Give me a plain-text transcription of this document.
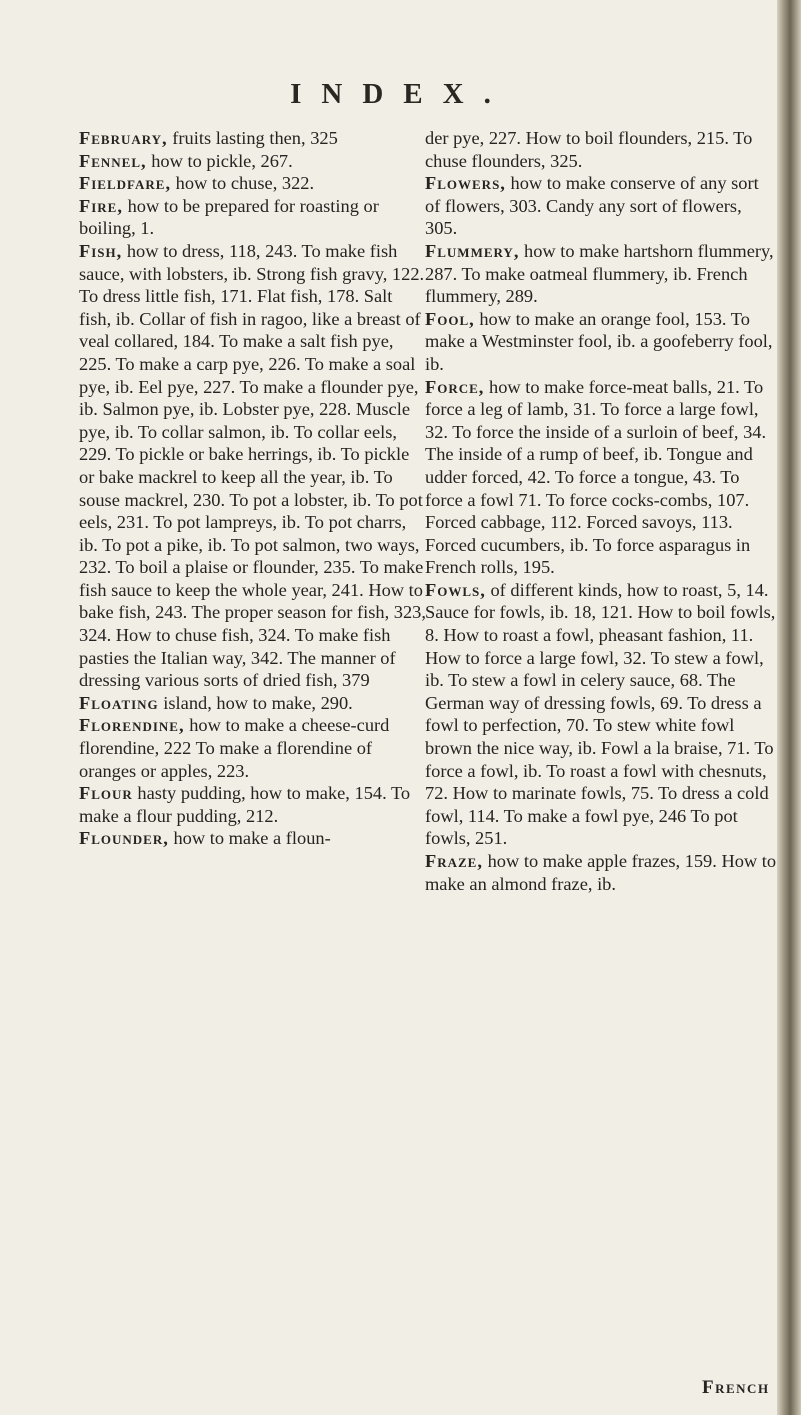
INDEX.

February, fruits lasting then, 325

Fennel, how to pickle, 267.

Fieldfare, how to chuse, 322.

Fire, how to be prepared for roasting or boiling, 1.

Fish, how to dress, 118, 243. To make fish sauce, with lobsters, ib. Strong fish gravy, 122. To dress little fish, 171. Flat fish, 178. Salt fish, ib. Collar of fish in ragoo, like a breast of veal collared, 184. To make a salt fish pye, 225. To make a carp pye, 226. To make a soal pye, ib. Eel pye, 227. To make a flounder pye, ib. Salmon pye, ib. Lobster pye, 228. Muscle pye, ib. To collar salmon, ib. To collar eels, 229. To pickle or bake herrings, ib. To pickle or bake mackrel to keep all the year, ib. To souse mackrel, 230. To pot a lobster, ib. To pot eels, 231. To pot lampreys, ib. To pot charrs, ib. To pot a pike, ib. To pot salmon, two ways, 232. To boil a plaise or flounder, 235. To make fish sauce to keep the whole year, 241. How to bake fish, 243. The proper season for fish, 323, 324. How to chuse fish, 324. To make fish pasties the Italian way, 342. The manner of dressing various sorts of dried fish, 379

Floating island, how to make, 290.

Florendine, how to make a cheese-curd florendine, 222 To make a florendine of oranges or apples, 223.

Flour hasty pudding, how to make, 154. To make a flour pudding, 212.

Flounder, how to make a floun-

der pye, 227. How to boil flounders, 215. To chuse flounders, 325.

Flowers, how to make conserve of any sort of flowers, 303. Candy any sort of flowers, 305.

Flummery, how to make hartshorn flummery, 287. To make oatmeal flummery, ib. French flummery, 289.

Fool, how to make an orange fool, 153. To make a Westminster fool, ib. a goofeberry fool, ib.

Force, how to make force-meat balls, 21. To force a leg of lamb, 31. To force a large fowl, 32. To force the inside of a surloin of beef, 34. The inside of a rump of beef, ib. Tongue and udder forced, 42. To force a tongue, 43. To force a fowl 71. To force cocks-combs, 107. Forced cabbage, 112. Forced savoys, 113. Forced cucumbers, ib. To force asparagus in French rolls, 195.

Fowls, of different kinds, how to roast, 5, 14. Sauce for fowls, ib. 18, 121. How to boil fowls, 8. How to roast a fowl, pheasant fashion, 11. How to force a large fowl, 32. To stew a fowl, ib. To stew a fowl in celery sauce, 68. The German way of dressing fowls, 69. To dress a fowl to perfection, 70. To stew white fowl brown the nice way, ib. Fowl a la braise, 71. To force a fowl, ib. To roast a fowl with chesnuts, 72. How to marinate fowls, 75. To dress a cold fowl, 114. To make a fowl pye, 246 To pot fowls, 251.

Fraze, how to make apple frazes, 159. How to make an almond fraze, ib.

French
